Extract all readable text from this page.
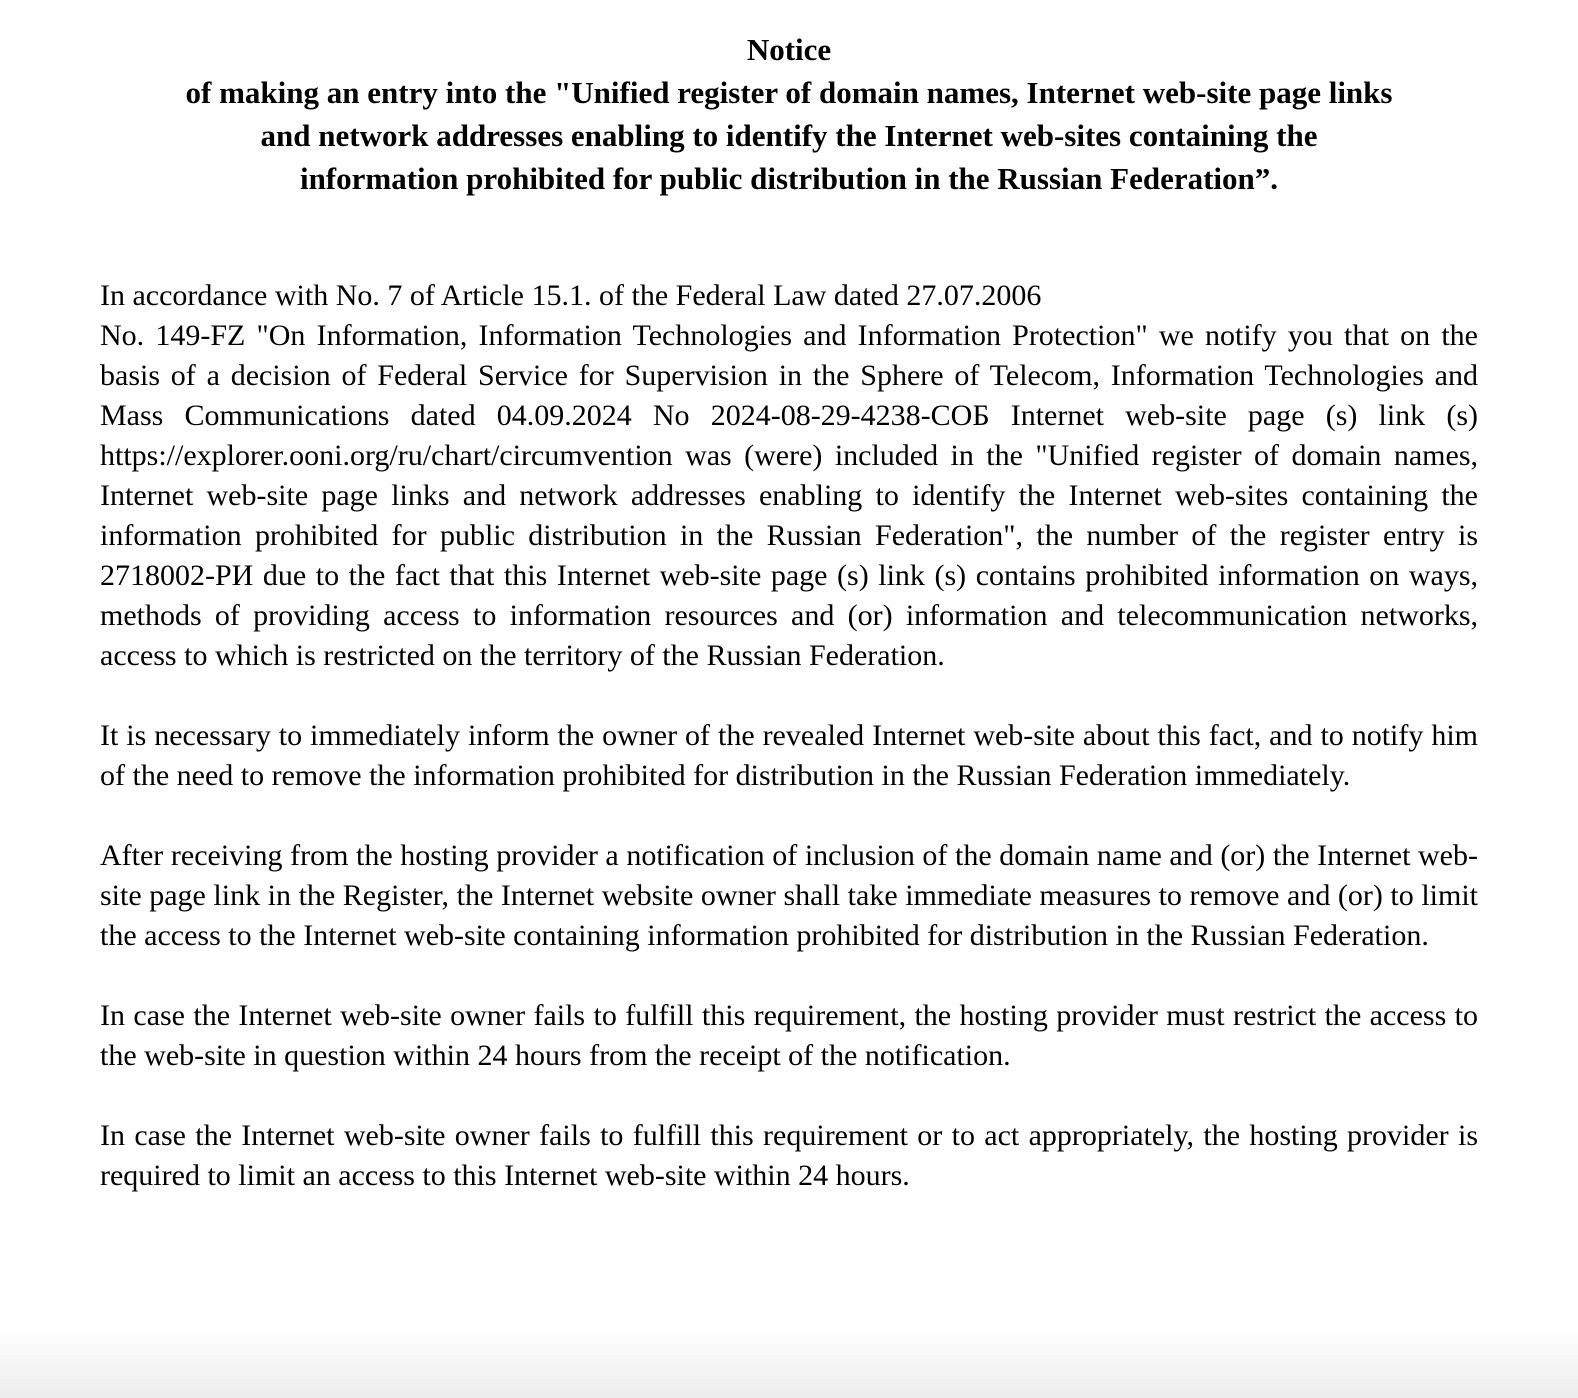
Notice
of making an entry into the "Unified register of domain names, Internet web-site page links
and network addresses enabling to identify the Internet web-sites containing the
information prohibited for public distribution in the Russian Federation”.

In accordance with No. 7 of Article 15.1. of the Federal Law dated 27.07.2006
No. 149-FZ "On Information, Information Technologies and Information Protection" we notify you that on the basis of a decision of Federal Service for Supervision in the Sphere of Telecom, Information Technologies and Mass Communications dated 04.09.2024 No 2024-08-29-4238-СОБ Internet web-site page (s) link (s) https://explorer.ooni.org/ru/chart/circumvention was (were) included in the "Unified register of domain names, Internet web-site page links and network addresses enabling to identify the Internet web-sites containing the information prohibited for public distribution in the Russian Federation", the number of the register entry is 2718002-РИ due to the fact that this Internet web-site page (s) link (s) contains prohibited information on ways, methods of providing access to information resources and (or) information and telecommunication networks, access to which is restricted on the territory of the Russian Federation.

It is necessary to immediately inform the owner of the revealed Internet web-site about this fact, and to notify him of the need to remove the information prohibited for distribution in the Russian Federation immediately.

After receiving from the hosting provider a notification of inclusion of the domain name and (or) the Internet web-site page link in the Register, the Internet website owner shall take immediate measures to remove and (or) to limit the access to the Internet web-site containing information prohibited for distribution in the Russian Federation.

In case the Internet web-site owner fails to fulfill this requirement, the hosting provider must restrict the access to the web-site in question within 24 hours from the receipt of the notification.

In case the Internet web-site owner fails to fulfill this requirement or to act appropriately, the hosting provider is required to limit an access to this Internet web-site within 24 hours.
